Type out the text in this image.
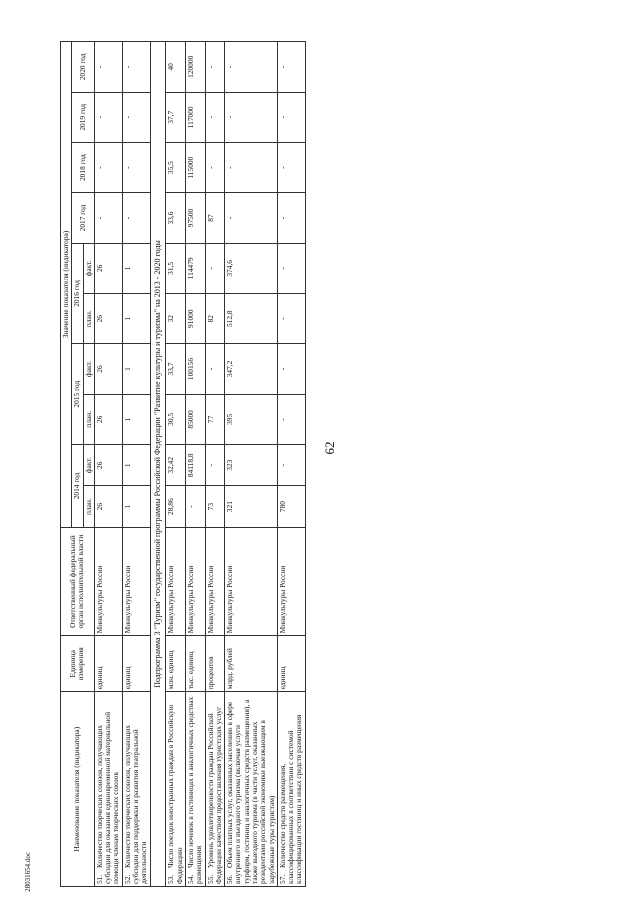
62
28031654.doc
Наименование показателя (индикатора)	Единица измерения	Ответственный федеральный орган исполнительной власти	Значение показателя (индикатора)									
			2014 год		2015 год		2016 год		2017 год	2018 год	2019 год	2020 год
			план.	факт.	план.	факт.	план.	факт.				
51.Количество творческих союзов, получающих субсидии для оказания единовременной материальной помощи членам творческих союзов	единиц	Минкультуры России	26	26	26	26	26	26	-	-	-	-
52.Количество творческих союзов, получающих субсидии для поддержки и развития театральной деятельности	единиц	Минкультуры России	1	1	1	1	1	1	-	-	-	-
Подпрограмма 3 "Туризм" государственной программы Российской Федерации "Развитие культуры и туризма" на 2013 - 2020 годы												
53.Число поездок иностранных граждан в Российскую Федерацию	млн. единиц	Минкультуры России	28,86	32,42	30,5	33,7	32	31,5	33,6	35,5	37,7	40
54.Число ночевок в гостиницах и аналогичных средствах размещения	тыс. единиц	Минкультуры России	-	84118,8	85000	100156	91000	114479	97500	115000	117000	120000
55.Уровень удовлетворенности граждан Российской Федерации качеством предоставления туристских услуг	процентов	Минкультуры России	73	-	77	-	82	-	87	-	-	-
56.Объем платных услуг, оказанных населению в сфере внутреннего и въездного туризма (включая услуги турфирм, гостиниц и аналогичных средств размещения), а также выездного туризма (в части услуг, оказанных резидентами российской экономики выезжающим в зарубежные туры туристам)	млрд. рублей	Минкультуры России	321	323	395	347,2	512,8	374,6	-	-	-	-
57.Количество средств размещения, классифицированных в соответствии с системой классификации гостиниц и иных средств размещения	единиц	Минкультуры России	780	-	-	-	-	-	-	-	-	-
